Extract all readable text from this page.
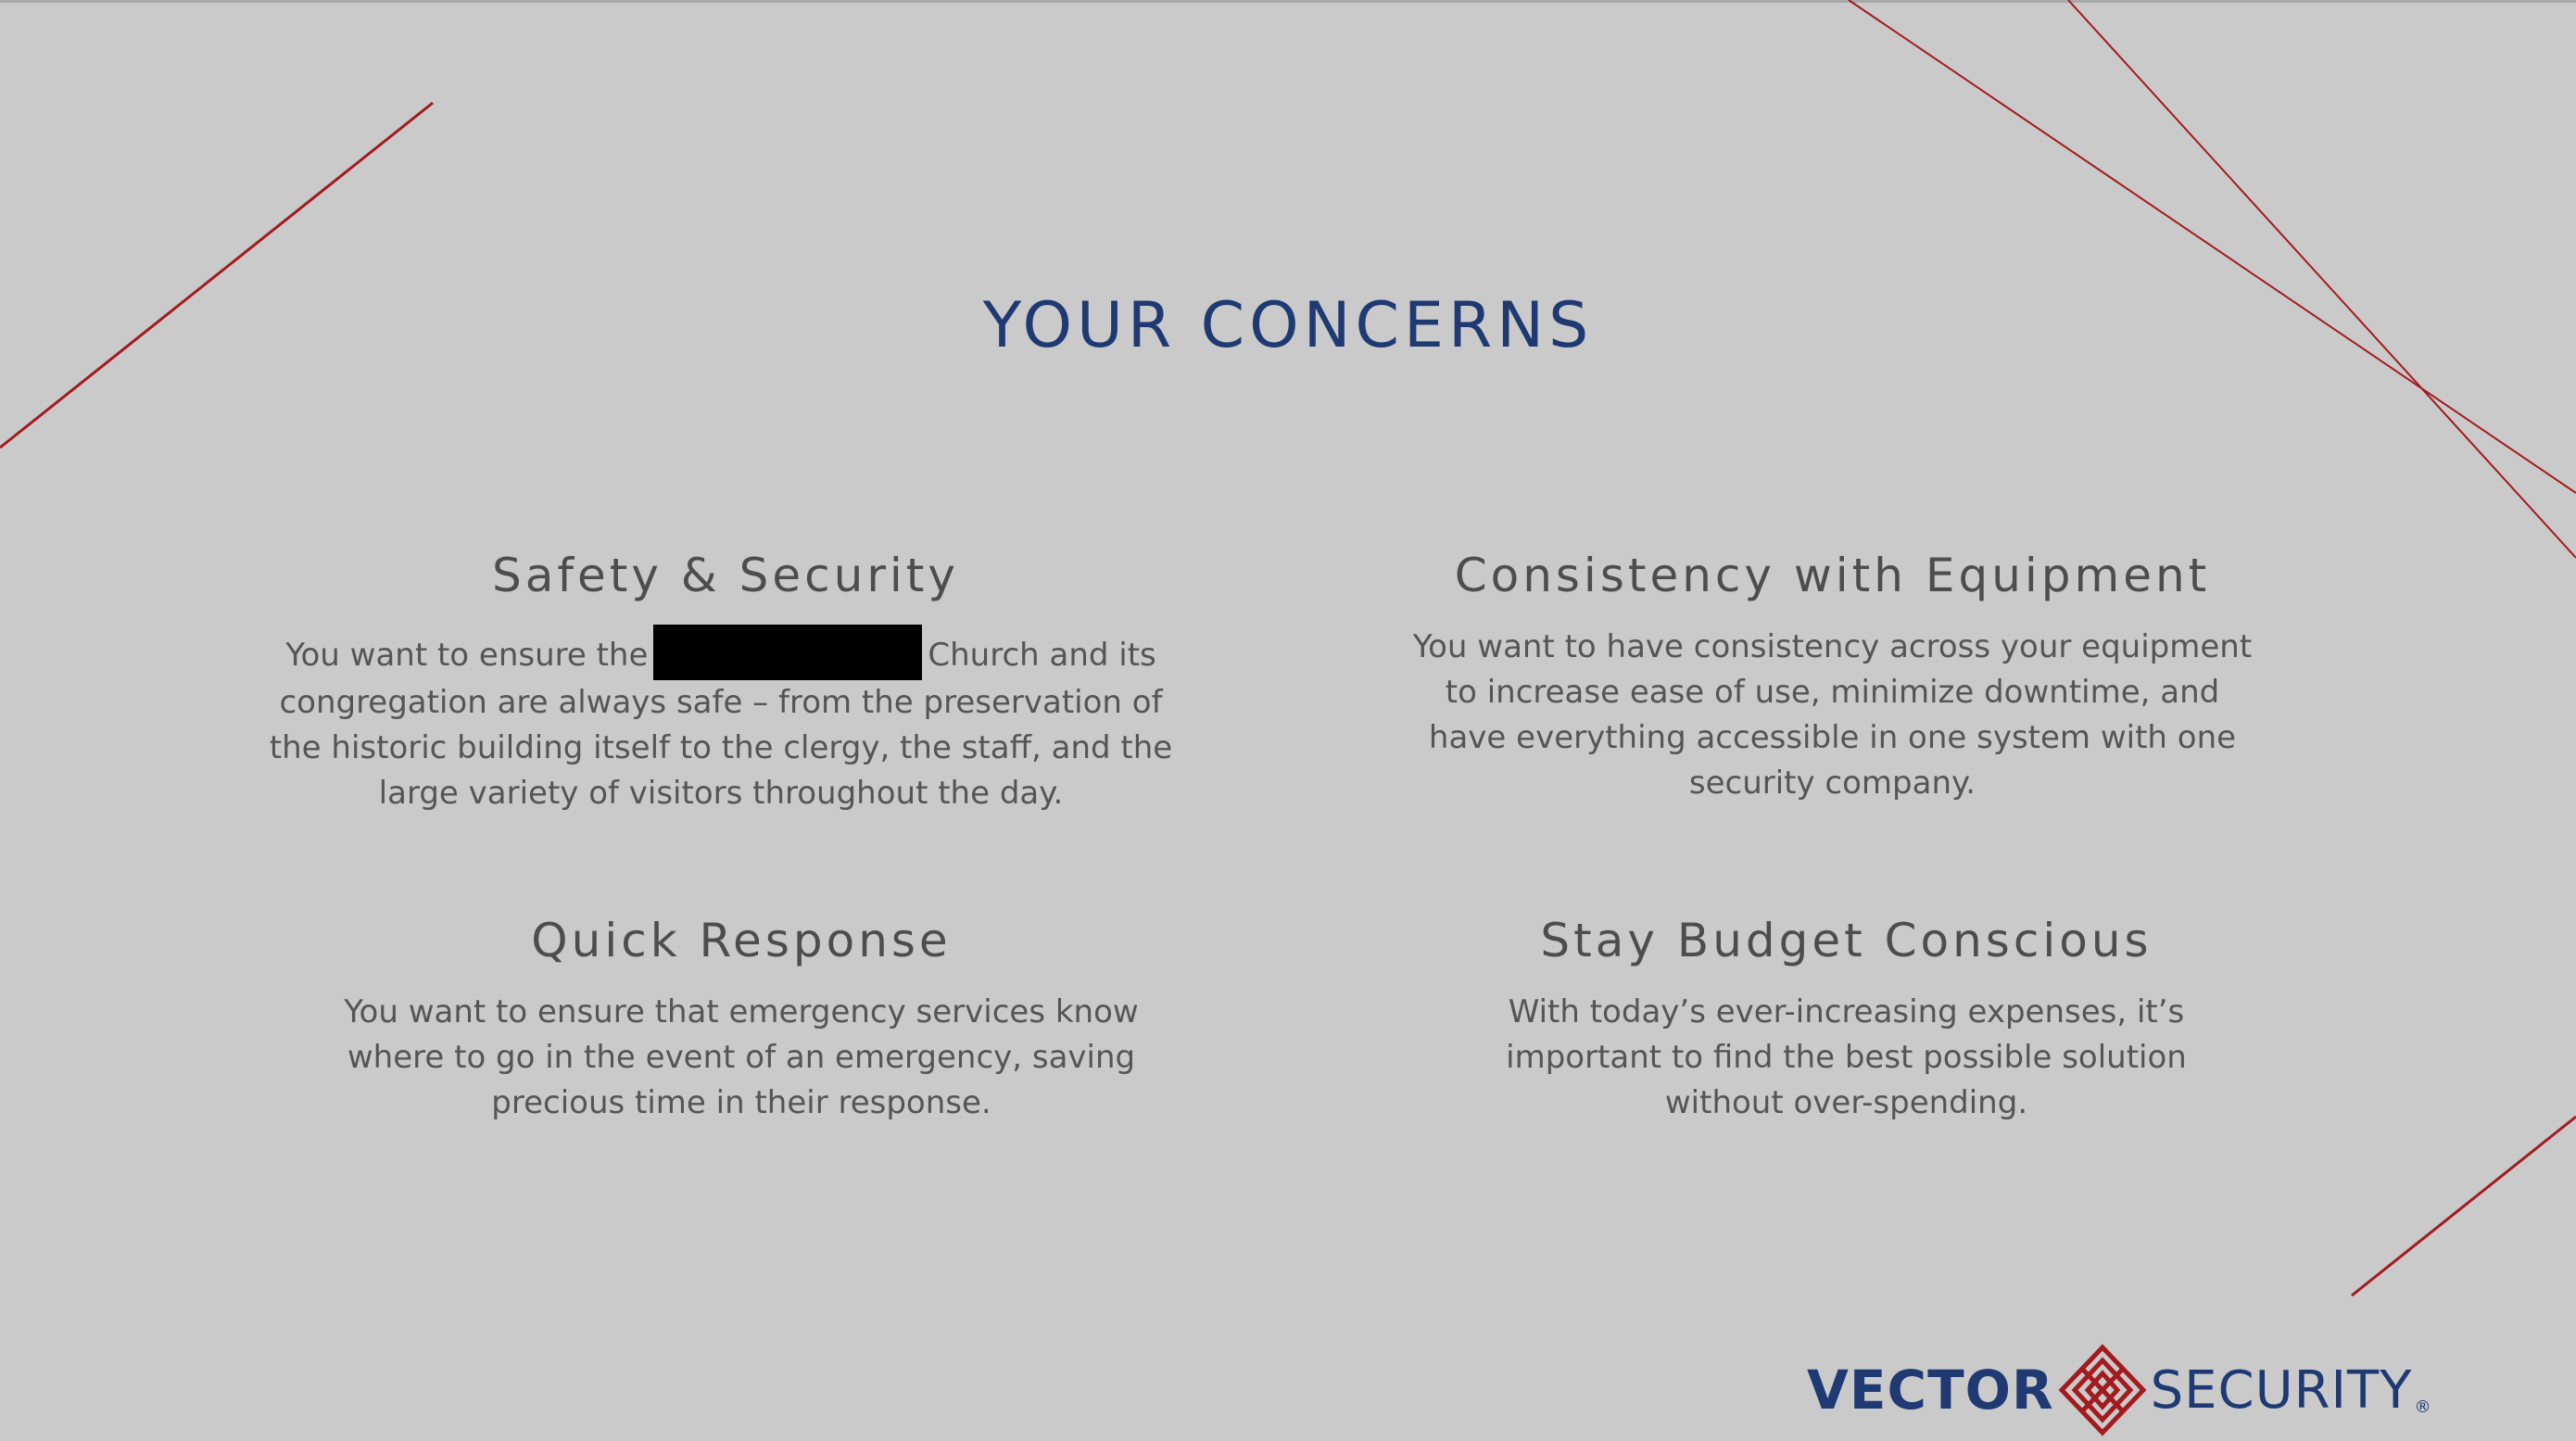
YOUR CONCERNS
Safety & Security

You want to ensure the	Church and its congregation are always safe – from the preservation of the historic building itself to the clergy, the staff, and the large variety of visitors throughout the day.

Consistency with Equipment

You want to have consistency across your equipment to increase ease of use, minimize downtime, and have everything accessible in one system with one security company.

Quick Response

You want to ensure that emergency services know where to go in the event of an emergency, saving precious time in their response.

Stay Budget Conscious

With today’s ever-increasing expenses, it’s important to find the best possible solution without over-spending.

VECTOR SECURITY ®
